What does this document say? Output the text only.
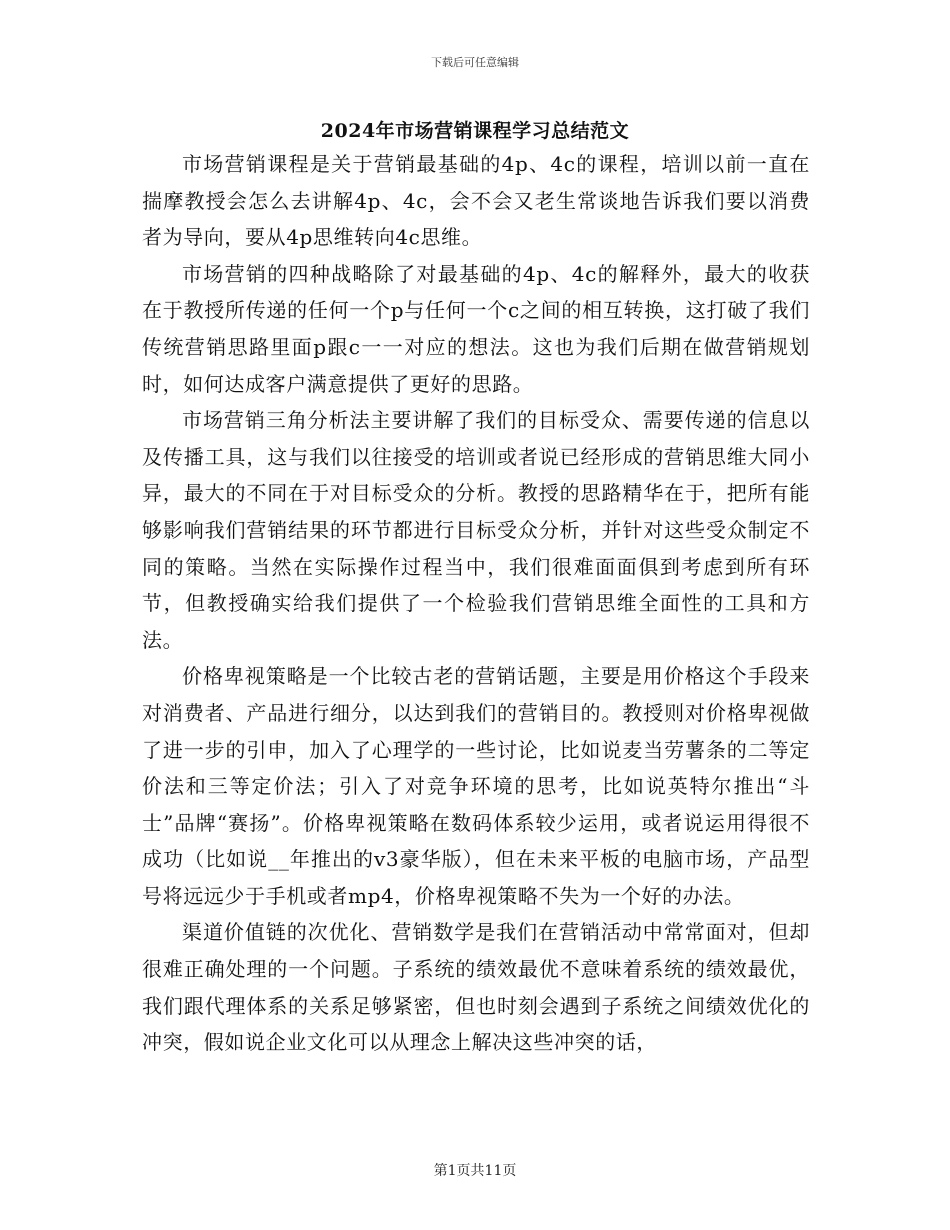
下载后可任意编辑
2024年市场营销课程学习总结范文

市场营销课程是关于营销最基础的4p、4c的课程，培训以前一直在揣摩教授会怎么去讲解4p、4c，会不会又老生常谈地告诉我们要以消费者为导向，要从4p思维转向4c思维。

市场营销的四种战略除了对最基础的4p、4c的解释外，最大的收获在于教授所传递的任何一个p与任何一个c之间的相互转换，这打破了我们传统营销思路里面p跟c一一对应的想法。这也为我们后期在做营销规划时，如何达成客户满意提供了更好的思路。

市场营销三角分析法主要讲解了我们的目标受众、需要传递的信息以及传播工具，这与我们以往接受的培训或者说已经形成的营销思维大同小异，最大的不同在于对目标受众的分析。教授的思路精华在于，把所有能够影响我们营销结果的环节都进行目标受众分析，并针对这些受众制定不同的策略。当然在实际操作过程当中，我们很难面面俱到考虑到所有环节，但教授确实给我们提供了一个检验我们营销思维全面性的工具和方法。

价格卑视策略是一个比较古老的营销话题，主要是用价格这个手段来对消费者、产品进行细分，以达到我们的营销目的。教授则对价格卑视做了进一步的引申，加入了心理学的一些讨论，比如说麦当劳薯条的二等定价法和三等定价法；引入了对竞争环境的思考，比如说英特尔推出“斗士”品牌“赛扬”。价格卑视策略在数码体系较少运用，或者说运用得很不成功（比如说__年推出的v3豪华版），但在未来平板的电脑市场，产品型号将远远少于手机或者mp4，价格卑视策略不失为一个好的办法。

渠道价值链的次优化、营销数学是我们在营销活动中常常面对，但却很难正确处理的一个问题。子系统的绩效最优不意味着系统的绩效最优，我们跟代理体系的关系足够紧密，但也时刻会遇到子系统之间绩效优化的冲突，假如说企业文化可以从理念上解决这些冲突的话，

第1页共11页
